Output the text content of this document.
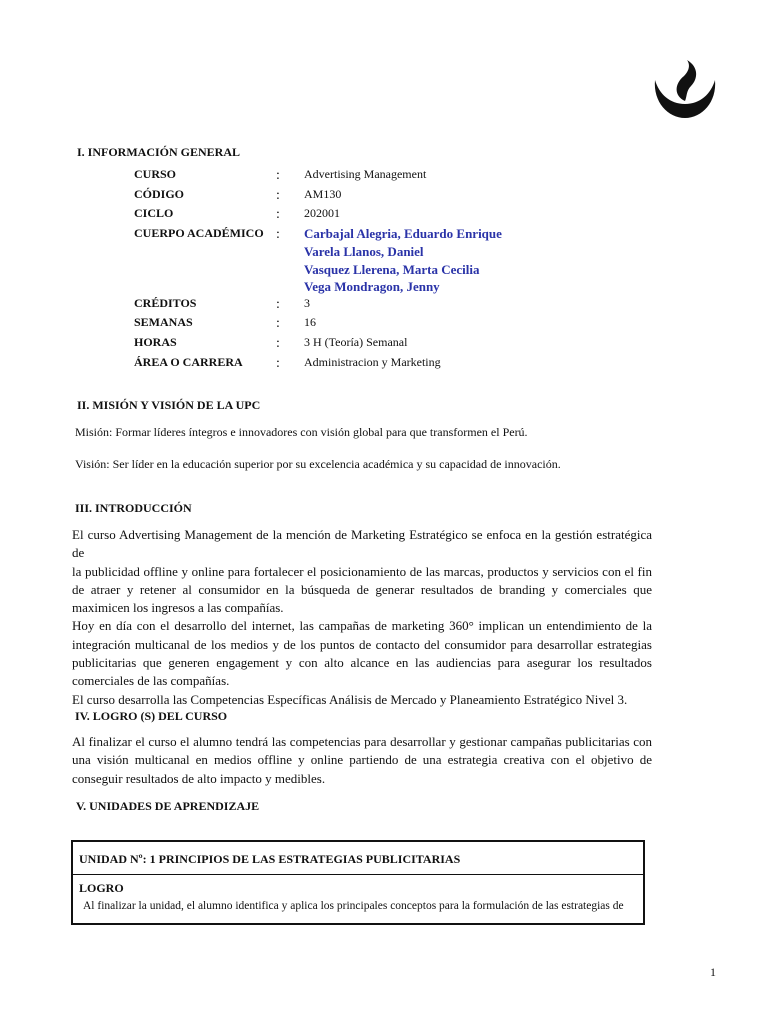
I. INFORMACIÓN GENERAL
CURSO	: Advertising Management
CÓDIGO	: AM130
CICLO	: 202001
CUERPO ACADÉMICO : Carbajal Alegria, Eduardo Enrique
Varela Llanos, Daniel
Vasquez Llerena, Marta Cecilia
Vega Mondragon, Jenny
CRÉDITOS	: 3
SEMANAS	: 16
HORAS	: 3 H (Teoría) Semanal
ÁREA O CARRERA : Administracion y Marketing
II. MISIÓN Y VISIÓN DE LA UPC
Misión: Formar líderes íntegros e innovadores con visión global para que transformen el Perú.
Visión: Ser líder en la educación superior por su excelencia académica y su capacidad de innovación.
III. INTRODUCCIÓN
El curso Advertising Management de la mención de Marketing Estratégico se enfoca en la gestión estratégica de
la publicidad offline y online para fortalecer el posicionamiento de las marcas, productos y servicios con el fin
de atraer y retener al consumidor en la búsqueda de generar resultados de branding y comerciales que
maximicen los ingresos a las compañías.
Hoy en día con el desarrollo del internet, las campañas de marketing 360° implican un entendimiento de la
integración multicanal de los medios y de los puntos de contacto del consumidor para desarrollar estrategias
publicitarias que generen engagement y con alto alcance en las audiencias para asegurar los resultados
comerciales de las compañías.
El curso desarrolla las Competencias Específicas Análisis de Mercado y Planeamiento Estratégico Nivel 3.
IV. LOGRO (S) DEL CURSO
Al finalizar el curso el alumno tendrá las competencias para desarrollar y gestionar campañas publicitarias con
una visión multicanal en medios offline y online partiendo de una estrategia creativa con el objetivo de
conseguir resultados de alto impacto y medibles.
V. UNIDADES DE APRENDIZAJE
UNIDAD Nº: 1 PRINCIPIOS DE LAS ESTRATEGIAS PUBLICITARIAS
LOGRO
Al finalizar la unidad, el alumno identifica y aplica los principales conceptos para la formulación de las estrategias de
1
